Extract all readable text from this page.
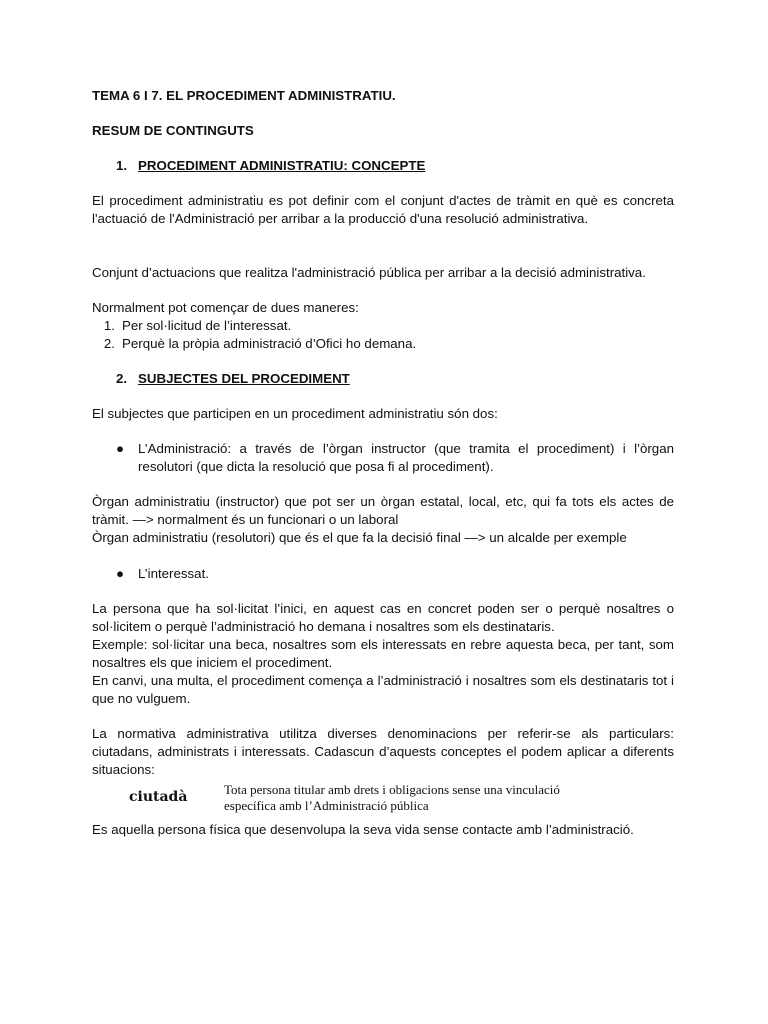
TEMA 6 I 7. EL PROCEDIMENT ADMINISTRATIU.

RESUM DE CONTINGUTS

1. PROCEDIMENT ADMINISTRATIU: CONCEPTE

El procediment administratiu es pot definir com el conjunt d'actes de tràmit en què es concreta l'actuació de l'Administració per arribar a la producció d'una resolució administrativa.

Conjunt d’actuacions que realitza l'administració pública per arribar a la decisió administrativa.

Normalment pot començar de dues maneres:

1. Per sol·licitud de l’interessat.
2. Perquè la pròpia administració d’Ofici ho demana.

2. SUBJECTES DEL PROCEDIMENT

El subjectes que participen en un procediment administratiu són dos:

●	L’Administració: a través de l’òrgan instructor (que tramita el procediment) i l’òrgan resolutori (que dicta la resolució que posa fi al procediment).

Òrgan administratiu (instructor) que pot ser un òrgan estatal, local, etc, qui fa tots els actes de tràmit. —> normalment és un funcionari o un laboral

Òrgan administratiu (resolutori) que és el que fa la decisió final —> un alcalde per exemple

●	L’interessat.

La persona que ha sol·licitat l’inici, en aquest cas en concret poden ser o perquè nosaltres o sol·licitem o perquè l’administració ho demana i nosaltres som els destinataris.

Exemple: sol·licitar una beca, nosaltres som els interessats en rebre aquesta beca, per tant, som nosaltres els que iniciem el procediment.

En canvi, una multa, el procediment comença a l’administració i nosaltres som els destinataris tot i que no vulguem.

La normativa administrativa utilitza diverses denominacions per referir-se als particulars: ciutadans, administrats i interessats. Cadascun d’aquests conceptes el podem aplicar a diferents situacions:

ciutadà	Tota persona titular amb drets i obligacions sense una vinculació
específica amb l’Administració pública

Es aquella persona física que desenvolupa la seva vida sense contacte amb l’administració.
